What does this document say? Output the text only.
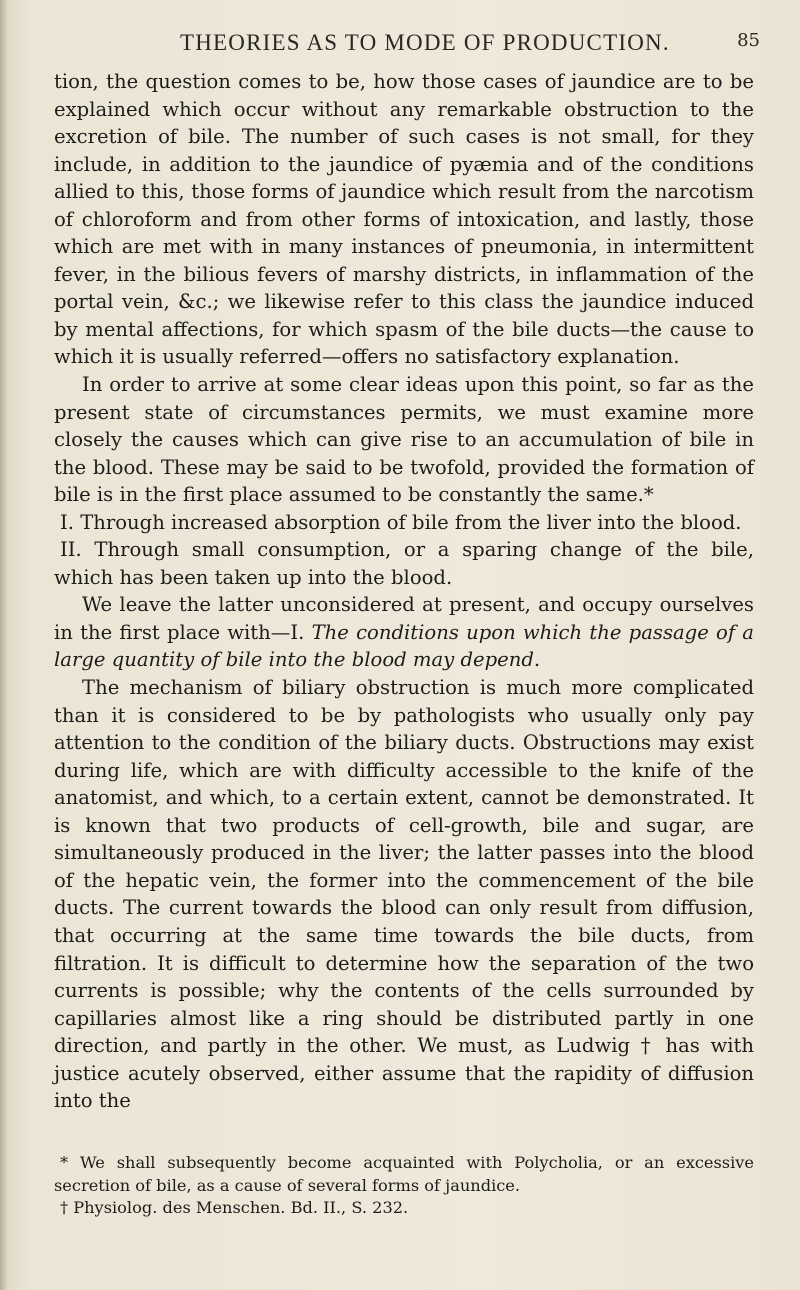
THEORIES AS TO MODE OF PRODUCTION.	85

tion, the question comes to be, how those cases of jaundice are to be explained which occur without any remarkable obstruction to the excretion of bile. The number of such cases is not small, for they include, in addition to the jaundice of pyæmia and of the conditions allied to this, those forms of jaundice which result from the narcotism of chloroform and from other forms of intoxication, and lastly, those which are met with in many instances of pneumonia, in intermittent fever, in the bilious fevers of marshy districts, in inflammation of the portal vein, &c.; we likewise refer to this class the jaundice induced by mental affections, for which spasm of the bile ducts—the cause to which it is usually referred—offers no satisfactory explanation.

In order to arrive at some clear ideas upon this point, so far as the present state of circumstances permits, we must examine more closely the causes which can give rise to an accumulation of bile in the blood. These may be said to be twofold, provided the formation of bile is in the first place assumed to be constantly the same.*

I. Through increased absorption of bile from the liver into the blood.

II. Through small consumption, or a sparing change of the bile, which has been taken up into the blood.

We leave the latter unconsidered at present, and occupy ourselves in the first place with—I. The conditions upon which the passage of a large quantity of bile into the blood may depend.

The mechanism of biliary obstruction is much more complicated than it is considered to be by pathologists who usually only pay attention to the condition of the biliary ducts. Obstructions may exist during life, which are with difficulty accessible to the knife of the anatomist, and which, to a certain extent, cannot be demonstrated. It is known that two products of cell-growth, bile and sugar, are simultaneously produced in the liver; the latter passes into the blood of the hepatic vein, the former into the commencement of the bile ducts. The current towards the blood can only result from diffusion, that occurring at the same time towards the bile ducts, from filtration. It is difficult to determine how the separation of the two currents is possible; why the contents of the cells surrounded by capillaries almost like a ring should be distributed partly in one direction, and partly in the other. We must, as Ludwig † has with justice acutely observed, either assume that the rapidity of diffusion into the

* We shall subsequently become acquainted with Polycholia, or an excessive secretion of bile, as a cause of several forms of jaundice.

† Physiolog. des Menschen. Bd. II., S. 232.
